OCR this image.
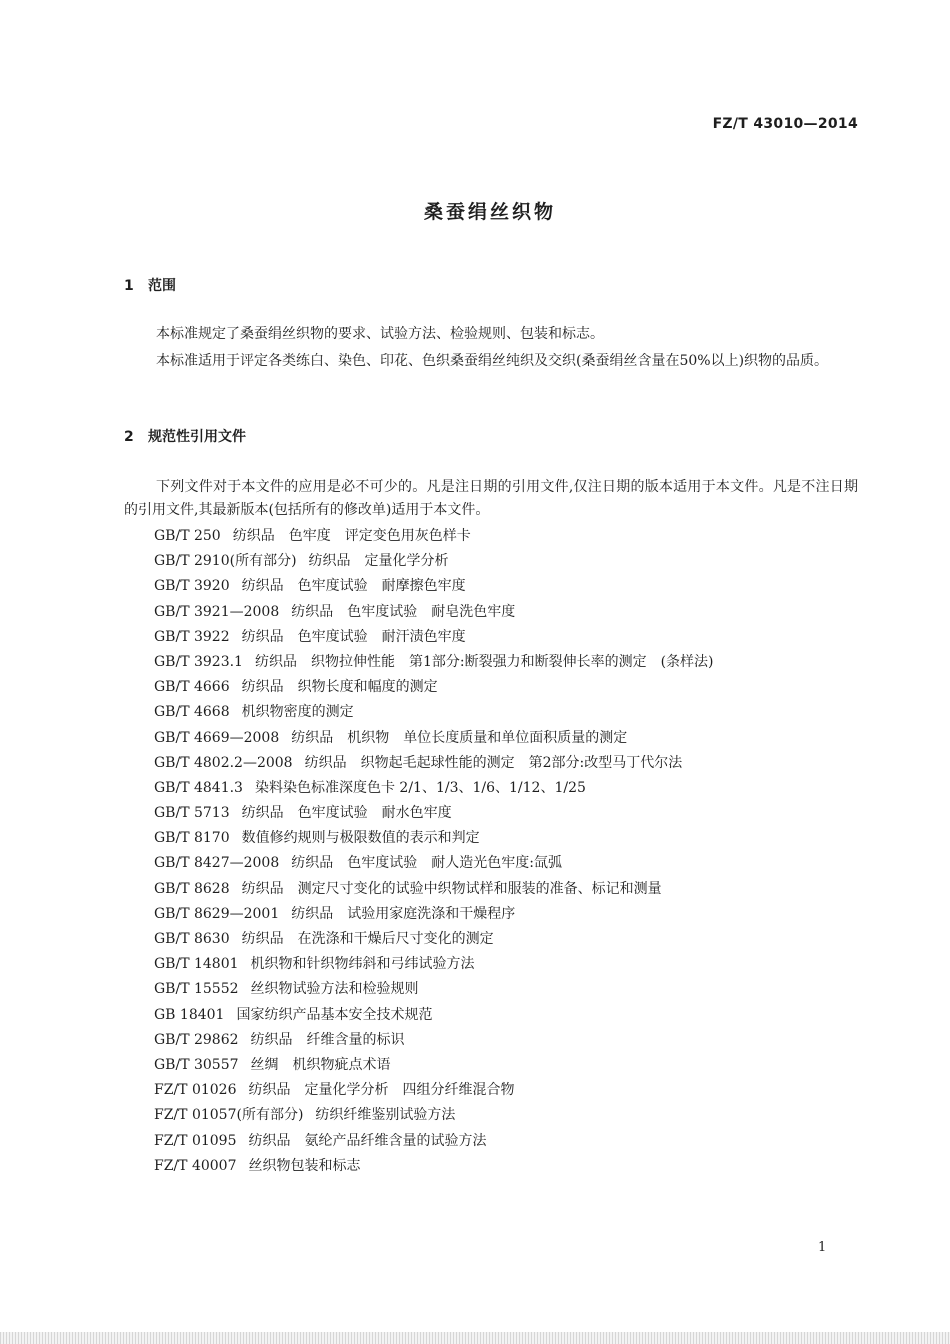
FZ/T 43010—2014
桑蚕绢丝织物
1 范围
本标准规定了桑蚕绢丝织物的要求、试验方法、检验规则、包装和标志。
本标准适用于评定各类练白、染色、印花、色织桑蚕绢丝纯织及交织(桑蚕绢丝含量在50%以上)织物的品质。
2 规范性引用文件
下列文件对于本文件的应用是必不可少的。凡是注日期的引用文件,仅注日期的版本适用于本文件。凡是不注日期的引用文件,其最新版本(包括所有的修改单)适用于本文件。
GB/T 250 纺织品　色牢度　评定变色用灰色样卡
GB/T 2910(所有部分) 纺织品　定量化学分析
GB/T 3920 纺织品　色牢度试验　耐摩擦色牢度
GB/T 3921—2008 纺织品　色牢度试验　耐皂洗色牢度
GB/T 3922 纺织品　色牢度试验　耐汗渍色牢度
GB/T 3923.1 纺织品　织物拉伸性能　第1部分:断裂强力和断裂伸长率的测定　(条样法)
GB/T 4666 纺织品　织物长度和幅度的测定
GB/T 4668 机织物密度的测定
GB/T 4669—2008 纺织品　机织物　单位长度质量和单位面积质量的测定
GB/T 4802.2—2008 纺织品　织物起毛起球性能的测定　第2部分:改型马丁代尔法
GB/T 4841.3 染料染色标准深度色卡 2/1、1/3、1/6、1/12、1/25
GB/T 5713 纺织品　色牢度试验　耐水色牢度
GB/T 8170 数值修约规则与极限数值的表示和判定
GB/T 8427—2008 纺织品　色牢度试验　耐人造光色牢度:氙弧
GB/T 8628 纺织品　测定尺寸变化的试验中织物试样和服装的准备、标记和测量
GB/T 8629—2001 纺织品　试验用家庭洗涤和干燥程序
GB/T 8630 纺织品　在洗涤和干燥后尺寸变化的测定
GB/T 14801 机织物和针织物纬斜和弓纬试验方法
GB/T 15552 丝织物试验方法和检验规则
GB 18401 国家纺织产品基本安全技术规范
GB/T 29862 纺织品　纤维含量的标识
GB/T 30557 丝绸　机织物疵点术语
FZ/T 01026 纺织品　定量化学分析　四组分纤维混合物
FZ/T 01057(所有部分) 纺织纤维鉴别试验方法
FZ/T 01095 纺织品　氨纶产品纤维含量的试验方法
FZ/T 40007 丝织物包装和标志
1
